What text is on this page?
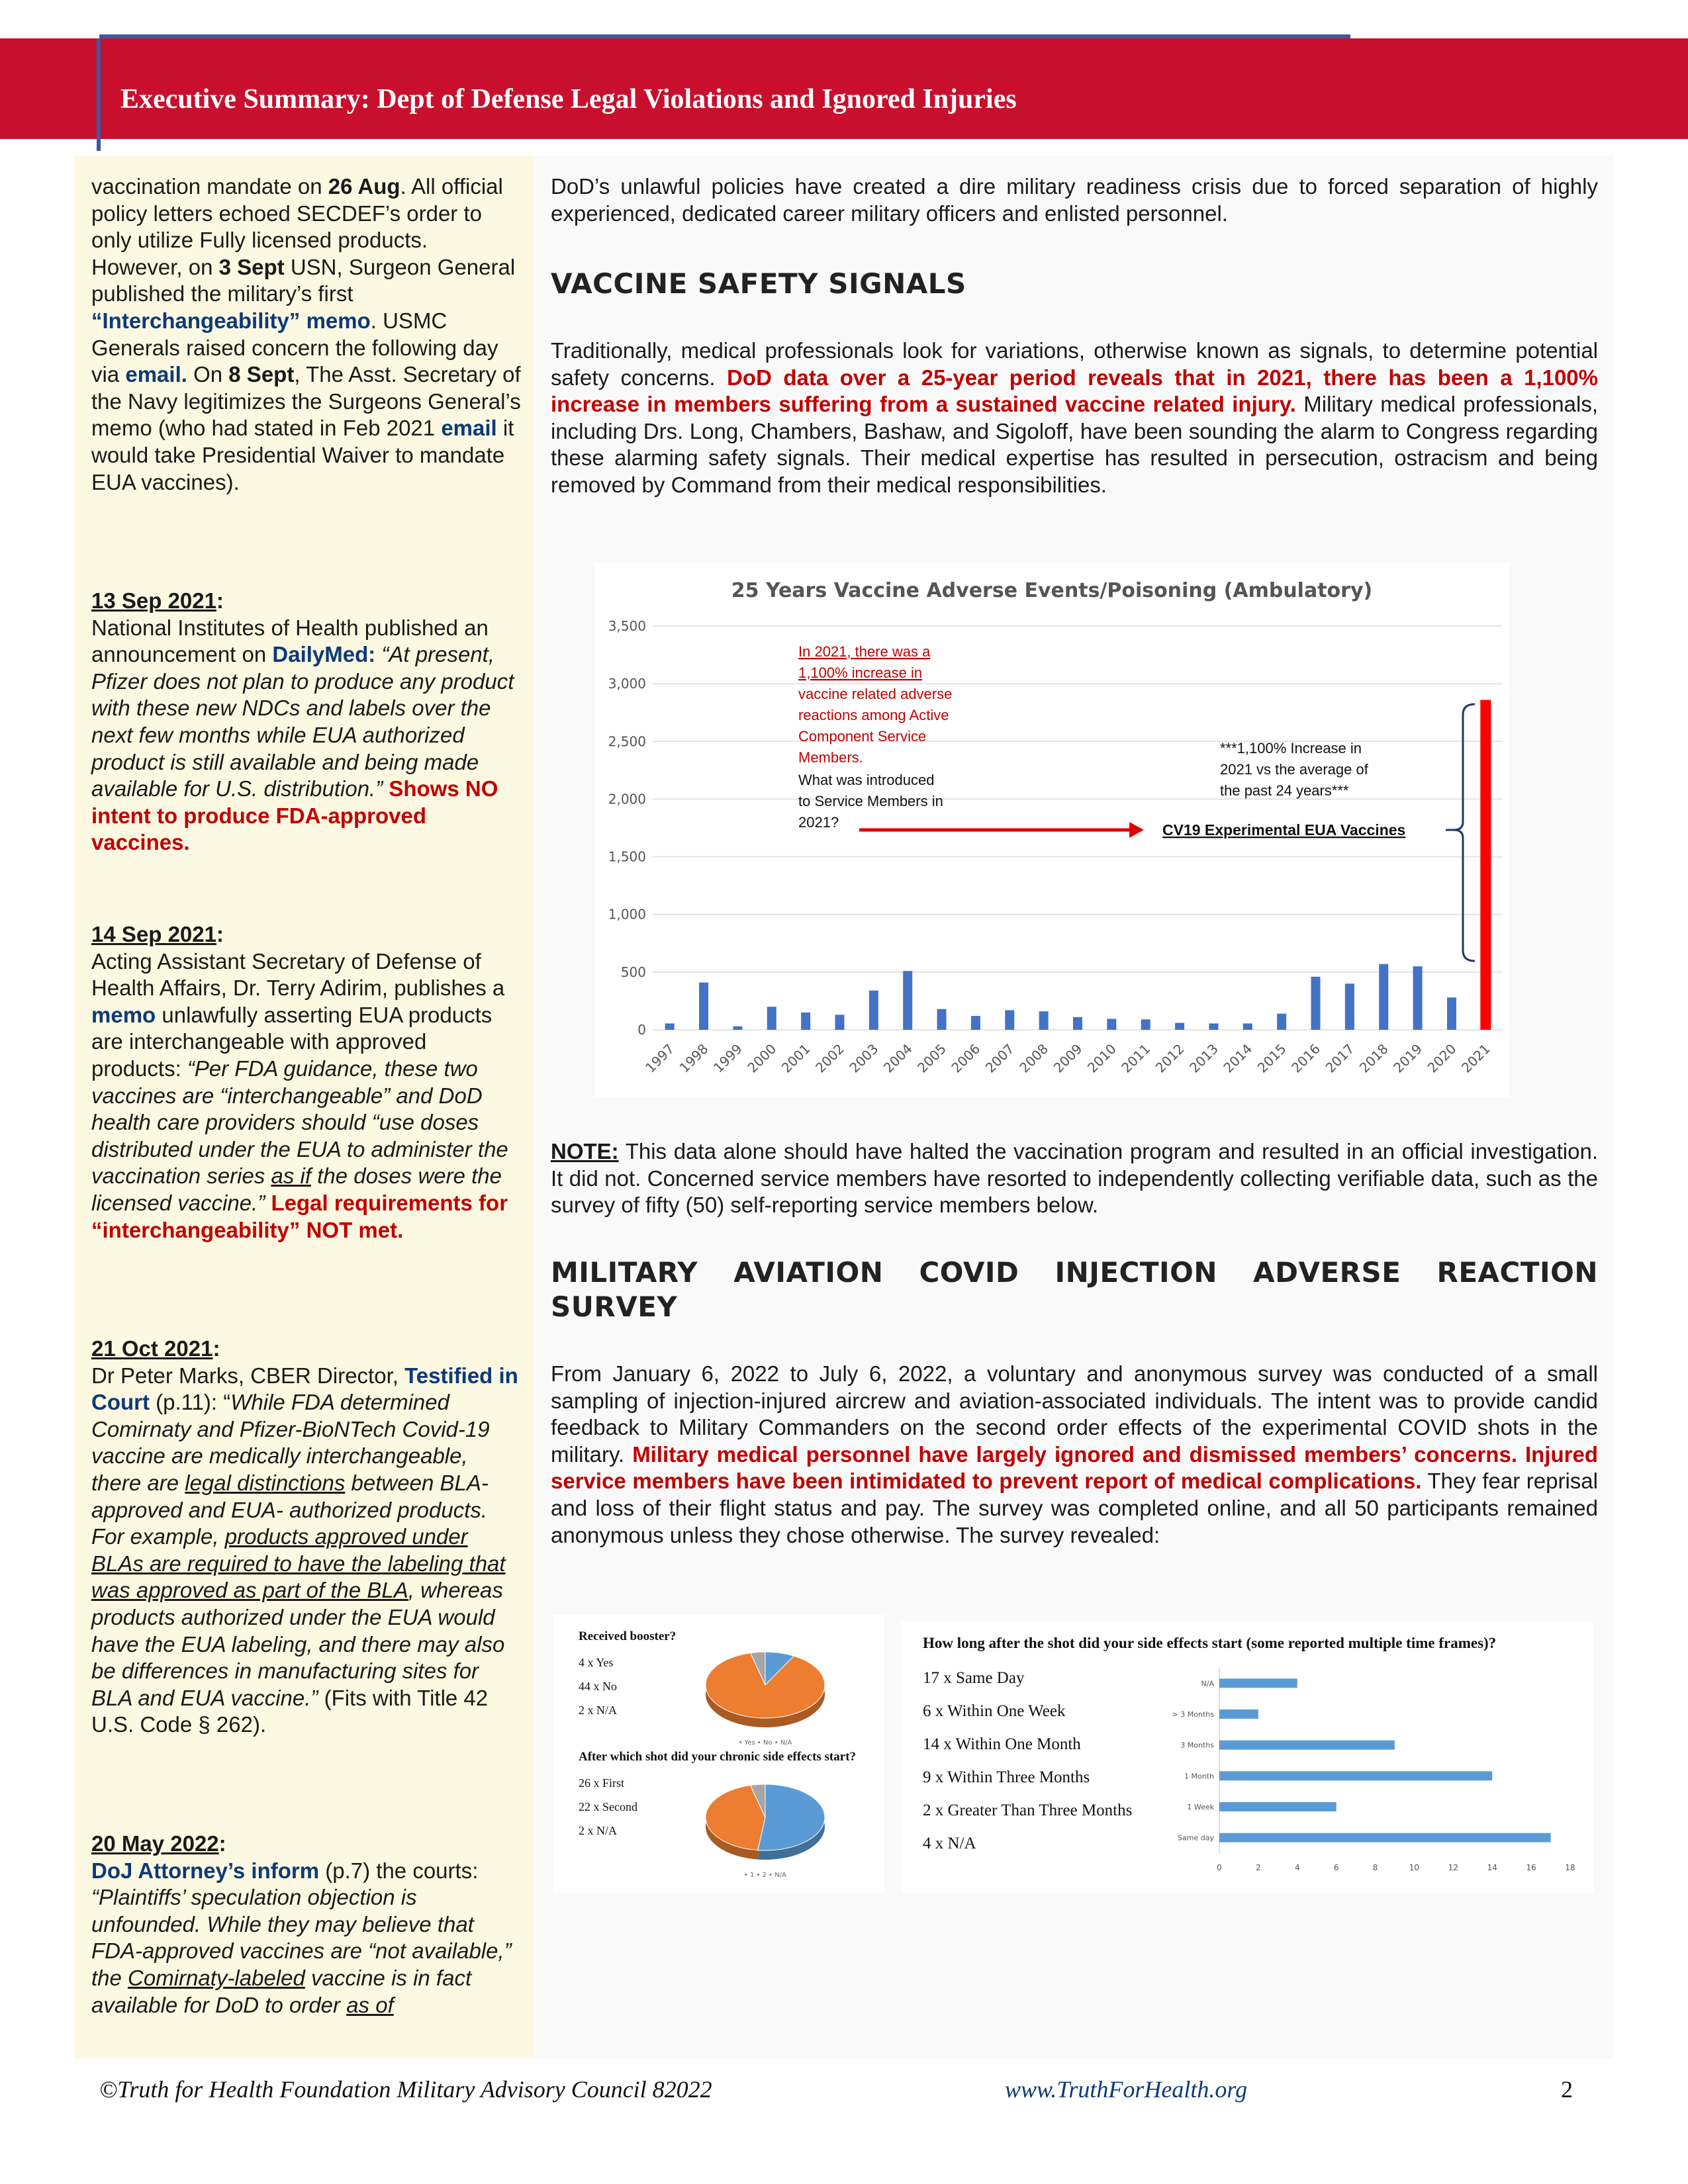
Executive Summary: Dept of Defense Legal Violations and Ignored Injuries
vaccination mandate on 26 Aug. All official policy letters echoed SECDEF’s order to only utilize Fully licensed products. However, on 3 Sept USN, Surgeon General published the military’s first “Interchangeability” memo. USMC Generals raised concern the following day via email. On 8 Sept, The Asst. Secretary of the Navy legitimizes the Surgeons General’s memo (who had stated in Feb 2021 email it would take Presidential Waiver to mandate EUA vaccines).
13 Sep 2021:
National Institutes of Health published an announcement on DailyMed: “At present, Pfizer does not plan to produce any product with these new NDCs and labels over the next few months while EUA authorized product is still available and being made available for U.S. distribution.” Shows NO intent to produce FDA-approved vaccines.
14 Sep 2021:
Acting Assistant Secretary of Defense of Health Affairs, Dr. Terry Adirim, publishes a memo unlawfully asserting EUA products are interchangeable with approved products: “Per FDA guidance, these two vaccines are “interchangeable” and DoD health care providers should “use doses distributed under the EUA to administer the vaccination series as if the doses were the licensed vaccine.” Legal requirements for “interchangeability” NOT met.
21 Oct 2021:
Dr Peter Marks, CBER Director, Testified in Court (p.11): “While FDA determined Comirnaty and Pfizer-BioNTech Covid-19 vaccine are medically interchangeable, there are legal distinctions between BLA-approved and EUA- authorized products. For example, products approved under BLAs are required to have the labeling that was approved as part of the BLA, whereas products authorized under the EUA would have the EUA labeling, and there may also be differences in manufacturing sites for BLA and EUA vaccine.” (Fits with Title 42 U.S. Code § 262).
20 May 2022:
DoJ Attorney’s inform (p.7) the courts: “Plaintiffs’ speculation objection is unfounded. While they may believe that FDA-approved vaccines are “not available,” the Comirnaty-labeled vaccine is in fact available for DoD to order as of
DoD’s unlawful policies have created a dire military readiness crisis due to forced separation of highly experienced, dedicated career military officers and enlisted personnel.
VACCINE SAFETY SIGNALS
Traditionally, medical professionals look for variations, otherwise known as signals, to determine potential safety concerns. DoD data over a 25-year period reveals that in 2021, there has been a 1,100% increase in members suffering from a sustained vaccine related injury. Military medical professionals, including Drs. Long, Chambers, Bashaw, and Sigoloff, have been sounding the alarm to Congress regarding these alarming safety signals. Their medical expertise has resulted in persecution, ostracism and being removed by Command from their medical responsibilities.
25 Years Vaccine Adverse Events/Poisoning (Ambulatory)
3,500
3,000
2,500
2,000
1,500
1,000
500
0
1997
1998
1999
2000
2001
2002
2003
2004
2005
2006
2007
2008
2009
2010
2011
2012
2013
2014
2015
2016
2017
2018
2019
2020
2021
In 2021, there was a
1,100% increase in
vaccine related adverse
reactions among Active
Component Service
Members.
What was introduced
to Service Members in
2021?
***1,100% Increase in
2021 vs the average of
the past 24 years***
CV19 Experimental EUA Vaccines
NOTE: This data alone should have halted the vaccination program and resulted in an official investigation. It did not. Concerned service members have resorted to independently collecting verifiable data, such as the survey of fifty (50) self-reporting service members below.
MILITARY AVIATION COVID INJECTION ADVERSE REACTION
SURVEY
From January 6, 2022 to July 6, 2022, a voluntary and anonymous survey was conducted of a small sampling of injection-injured aircrew and aviation-associated individuals. The intent was to provide candid feedback to Military Commanders on the second order effects of the experimental COVID shots in the military. Military medical personnel have largely ignored and dismissed members’ concerns. Injured service members have been intimidated to prevent report of medical complications. They fear reprisal and loss of their flight status and pay. The survey was completed online, and all 50 participants remained anonymous unless they chose otherwise. The survey revealed:
Received booster?
4 x Yes
44 x No
2 x N/A
After which shot did your chronic side effects start?
26 x First
22 x Second
2 x N/A
• Yes • No • N/A
• 1 • 2 • N/A
How long after the shot did your side effects start (some reported multiple time frames)?
17 x Same Day
6 x Within One Week
14 x Within One Month
9 x Within Three Months
2 x Greater Than Three Months
4 x N/A
N/A
> 3 Months
3 Months
1 Month
1 Week
Same day
0	2	4	6	8	10	12	14	16	18
©Truth for Health Foundation Military Advisory Council 82022	www.TruthForHealth.org	2
